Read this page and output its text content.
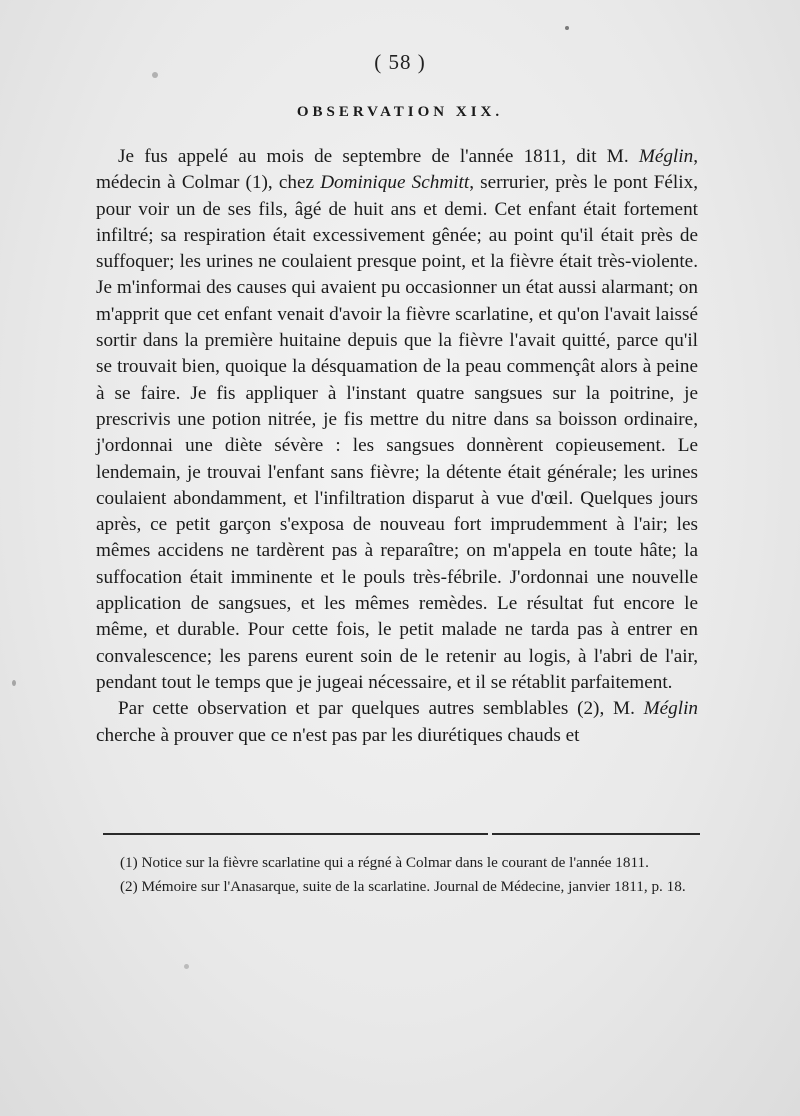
( 58 )
OBSERVATION XIX.

Je fus appelé au mois de septembre de l'année 1811, dit M. Méglin, médecin à Colmar (1), chez Dominique Schmitt, serrurier, près le pont Félix, pour voir un de ses fils, âgé de huit ans et demi. Cet enfant était fortement infiltré; sa respiration était excessivement gênée; au point qu'il était près de suffoquer; les urines ne coulaient presque point, et la fièvre était très-violente. Je m'informai des causes qui avaient pu occasionner un état aussi alarmant; on m'apprit que cet enfant venait d'avoir la fièvre scarlatine, et qu'on l'avait laissé sortir dans la première huitaine depuis que la fièvre l'avait quitté, parce qu'il se trouvait bien, quoique la désquamation de la peau commençât alors à peine à se faire. Je fis appliquer à l'instant quatre sangsues sur la poitrine, je prescrivis une potion nitrée, je fis mettre du nitre dans sa boisson ordinaire, j'ordonnai une diète sévère : les sangsues donnèrent copieusement. Le lendemain, je trouvai l'enfant sans fièvre; la détente était générale; les urines coulaient abondamment, et l'infiltration disparut à vue d'œil. Quelques jours après, ce petit garçon s'exposa de nouveau fort imprudemment à l'air; les mêmes accidens ne tardèrent pas à reparaître; on m'appela en toute hâte; la suffocation était imminente et le pouls très-fébrile. J'ordonnai une nouvelle application de sangsues, et les mêmes remèdes. Le résultat fut encore le même, et durable. Pour cette fois, le petit malade ne tarda pas à entrer en convalescence; les parens eurent soin de le retenir au logis, à l'abri de l'air, pendant tout le temps que je jugeai nécessaire, et il se rétablit parfaitement.

Par cette observation et par quelques autres semblables (2), M. Méglin cherche à prouver que ce n'est pas par les diurétiques chauds et

(1) Notice sur la fièvre scarlatine qui a régné à Colmar dans le courant de l'année 1811.

(2) Mémoire sur l'Anasarque, suite de la scarlatine. Journal de Médecine, janvier 1811, p. 18.
